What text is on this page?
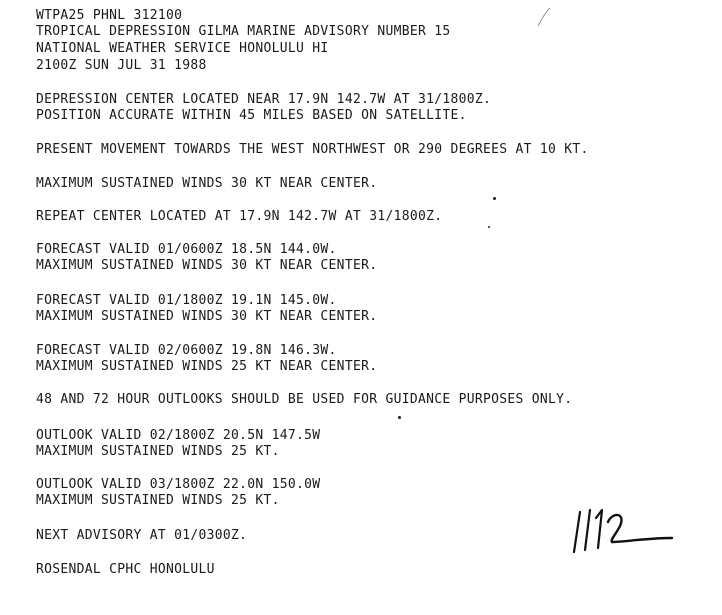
WTPA25 PHNL 312100
TROPICAL DEPRESSION GILMA MARINE ADVISORY NUMBER 15
NATIONAL WEATHER SERVICE HONOLULU HI
2100Z SUN JUL 31 1988
DEPRESSION CENTER LOCATED NEAR 17.9N 142.7W AT 31/1800Z.
POSITION ACCURATE WITHIN 45 MILES BASED ON SATELLITE.
PRESENT MOVEMENT TOWARDS THE WEST NORTHWEST OR 290 DEGREES AT 10 KT.
MAXIMUM SUSTAINED WINDS 30 KT NEAR CENTER.
REPEAT CENTER LOCATED AT 17.9N 142.7W AT 31/1800Z.
FORECAST VALID 01/0600Z 18.5N 144.0W.
MAXIMUM SUSTAINED WINDS 30 KT NEAR CENTER.
FORECAST VALID 01/1800Z 19.1N 145.0W.
MAXIMUM SUSTAINED WINDS 30 KT NEAR CENTER.
FORECAST VALID 02/0600Z 19.8N 146.3W.
MAXIMUM SUSTAINED WINDS 25 KT NEAR CENTER.
48 AND 72 HOUR OUTLOOKS SHOULD BE USED FOR GUIDANCE PURPOSES ONLY.
OUTLOOK VALID 02/1800Z 20.5N 147.5W
MAXIMUM SUSTAINED WINDS 25 KT.
OUTLOOK VALID 03/1800Z 22.0N 150.0W
MAXIMUM SUSTAINED WINDS 25 KT.
NEXT ADVISORY AT 01/0300Z.
ROSENDAL CPHC HONOLULU
